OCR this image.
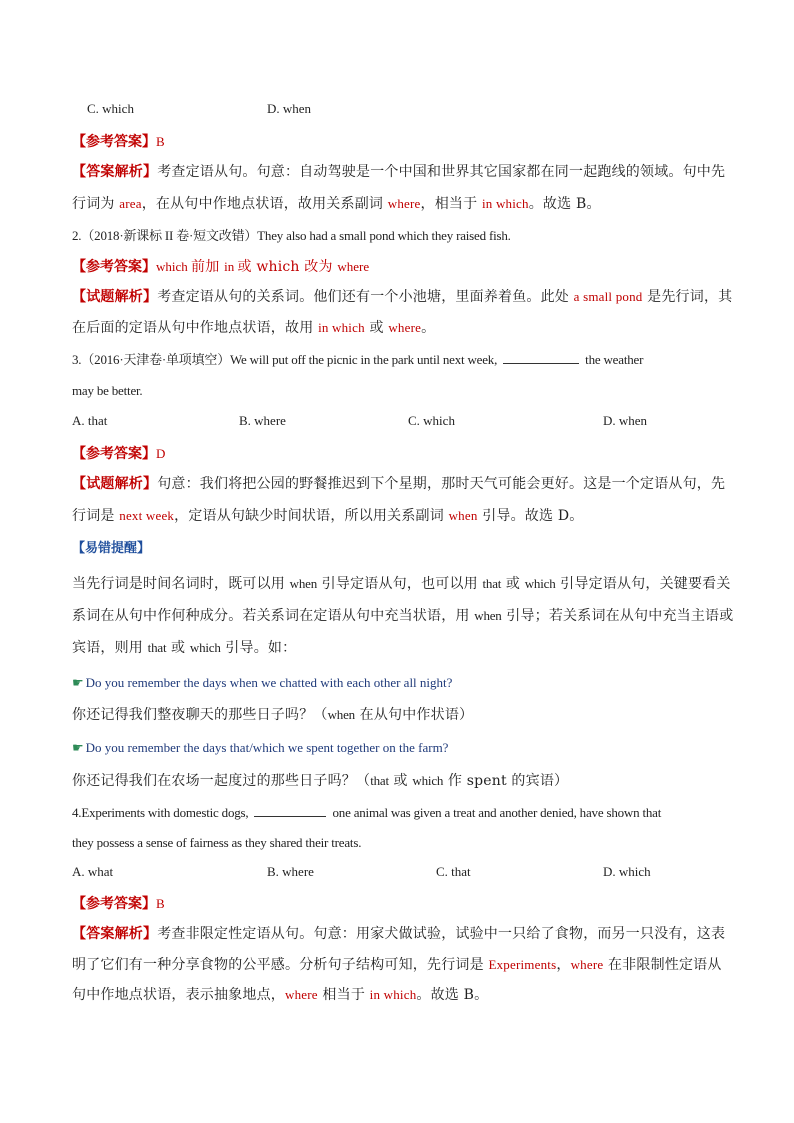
C. which	D. when
【参考答案】B
【答案解析】考查定语从句。句意：自动驾驶是一个中国和世界其它国家都在同一起跑线的领域。句中先
行词为 area，在从句中作地点状语，故用关系副词 where，相当于 in which。故选 B。
2.（2018·新课标 II 卷·短文改错）They also had a small pond which they raised fish.
【参考答案】which 前加 in 或 which 改为 where
【试题解析】考查定语从句的关系词。他们还有一个小池塘，里面养着鱼。此处 a small pond 是先行词，其
在后面的定语从句中作地点状语，故用 in which 或 where。
3.（2016·天津卷·单项填空）We will put off the picnic in the park until next week,	the weather
may be better.
A. that	B. where	C. which	D. when
【参考答案】D
【试题解析】句意：我们将把公园的野餐推迟到下个星期，那时天气可能会更好。这是一个定语从句，先
行词是 next week，定语从句缺少时间状语，所以用关系副词 when 引导。故选 D。
【易错提醒】
当先行词是时间名词时，既可以用 when 引导定语从句，也可以用 that 或 which 引导定语从句，关键要看关
系词在从句中作何种成分。若关系词在定语从句中充当状语，用 when 引导；若关系词在从句中充当主语或
宾语，则用 that 或 which 引导。如：
☛ Do you remember the days when we chatted with each other all night?
你还记得我们整夜聊天的那些日子吗？（when 在从句中作状语）
☛ Do you remember the days that/which we spent together on the farm?
你还记得我们在农场一起度过的那些日子吗？（that 或 which 作 spent 的宾语）
4.Experiments with domestic dogs,	one animal was given a treat and another denied, have shown that
they possess a sense of fairness as they shared their treats.
A. what	B. where	C. that	D. which
【参考答案】B
【答案解析】考查非限定性定语从句。句意：用家犬做试验，试验中一只给了食物，而另一只没有，这表
明了它们有一种分享食物的公平感。分析句子结构可知，先行词是 Experiments，where 在非限制性定语从
句中作地点状语，表示抽象地点，where 相当于 in which。故选 B。
